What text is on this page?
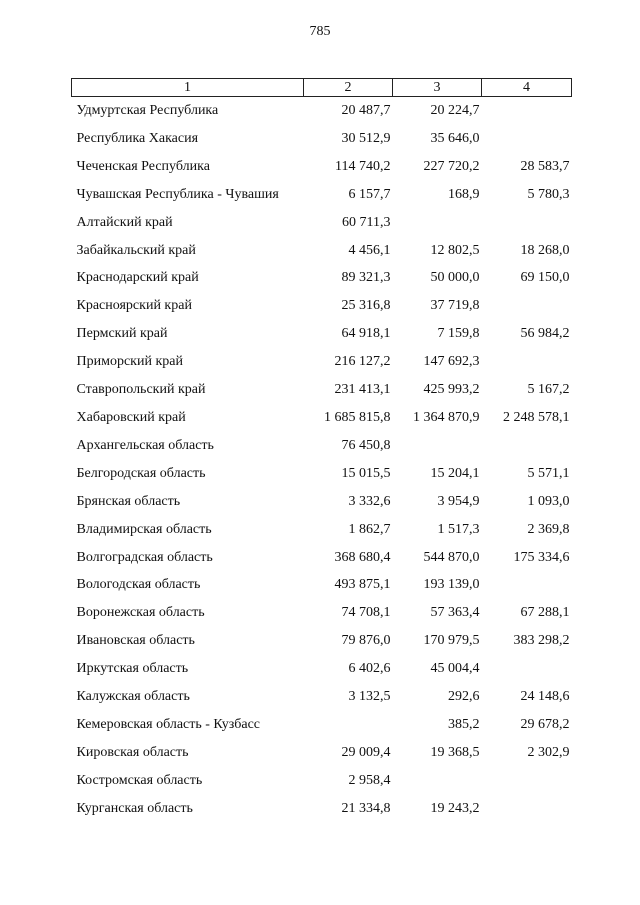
785
1	2	3	4
Удмуртская Республика	20 487,7	20 224,7	
Республика Хакасия	30 512,9	35 646,0	
Чеченская Республика	114 740,2	227 720,2	28 583,7
Чувашская Республика - Чувашия	6 157,7	168,9	5 780,3
Алтайский край	60 711,3		
Забайкальский край	4 456,1	12 802,5	18 268,0
Краснодарский край	89 321,3	50 000,0	69 150,0
Красноярский край	25 316,8	37 719,8	
Пермский край	64 918,1	7 159,8	56 984,2
Приморский край	216 127,2	147 692,3	
Ставропольский край	231 413,1	425 993,2	5 167,2
Хабаровский край	1 685 815,8	1 364 870,9	2 248 578,1
Архангельская область	76 450,8		
Белгородская область	15 015,5	15 204,1	5 571,1
Брянская область	3 332,6	3 954,9	1 093,0
Владимирская область	1 862,7	1 517,3	2 369,8
Волгоградская область	368 680,4	544 870,0	175 334,6
Вологодская область	493 875,1	193 139,0	
Воронежская область	74 708,1	57 363,4	67 288,1
Ивановская область	79 876,0	170 979,5	383 298,2
Иркутская область	6 402,6	45 004,4	
Калужская область	3 132,5	292,6	24 148,6
Кемеровская область - Кузбасс		385,2	29 678,2
Кировская область	29 009,4	19 368,5	2 302,9
Костромская область	2 958,4		
Курганская область	21 334,8	19 243,2	
